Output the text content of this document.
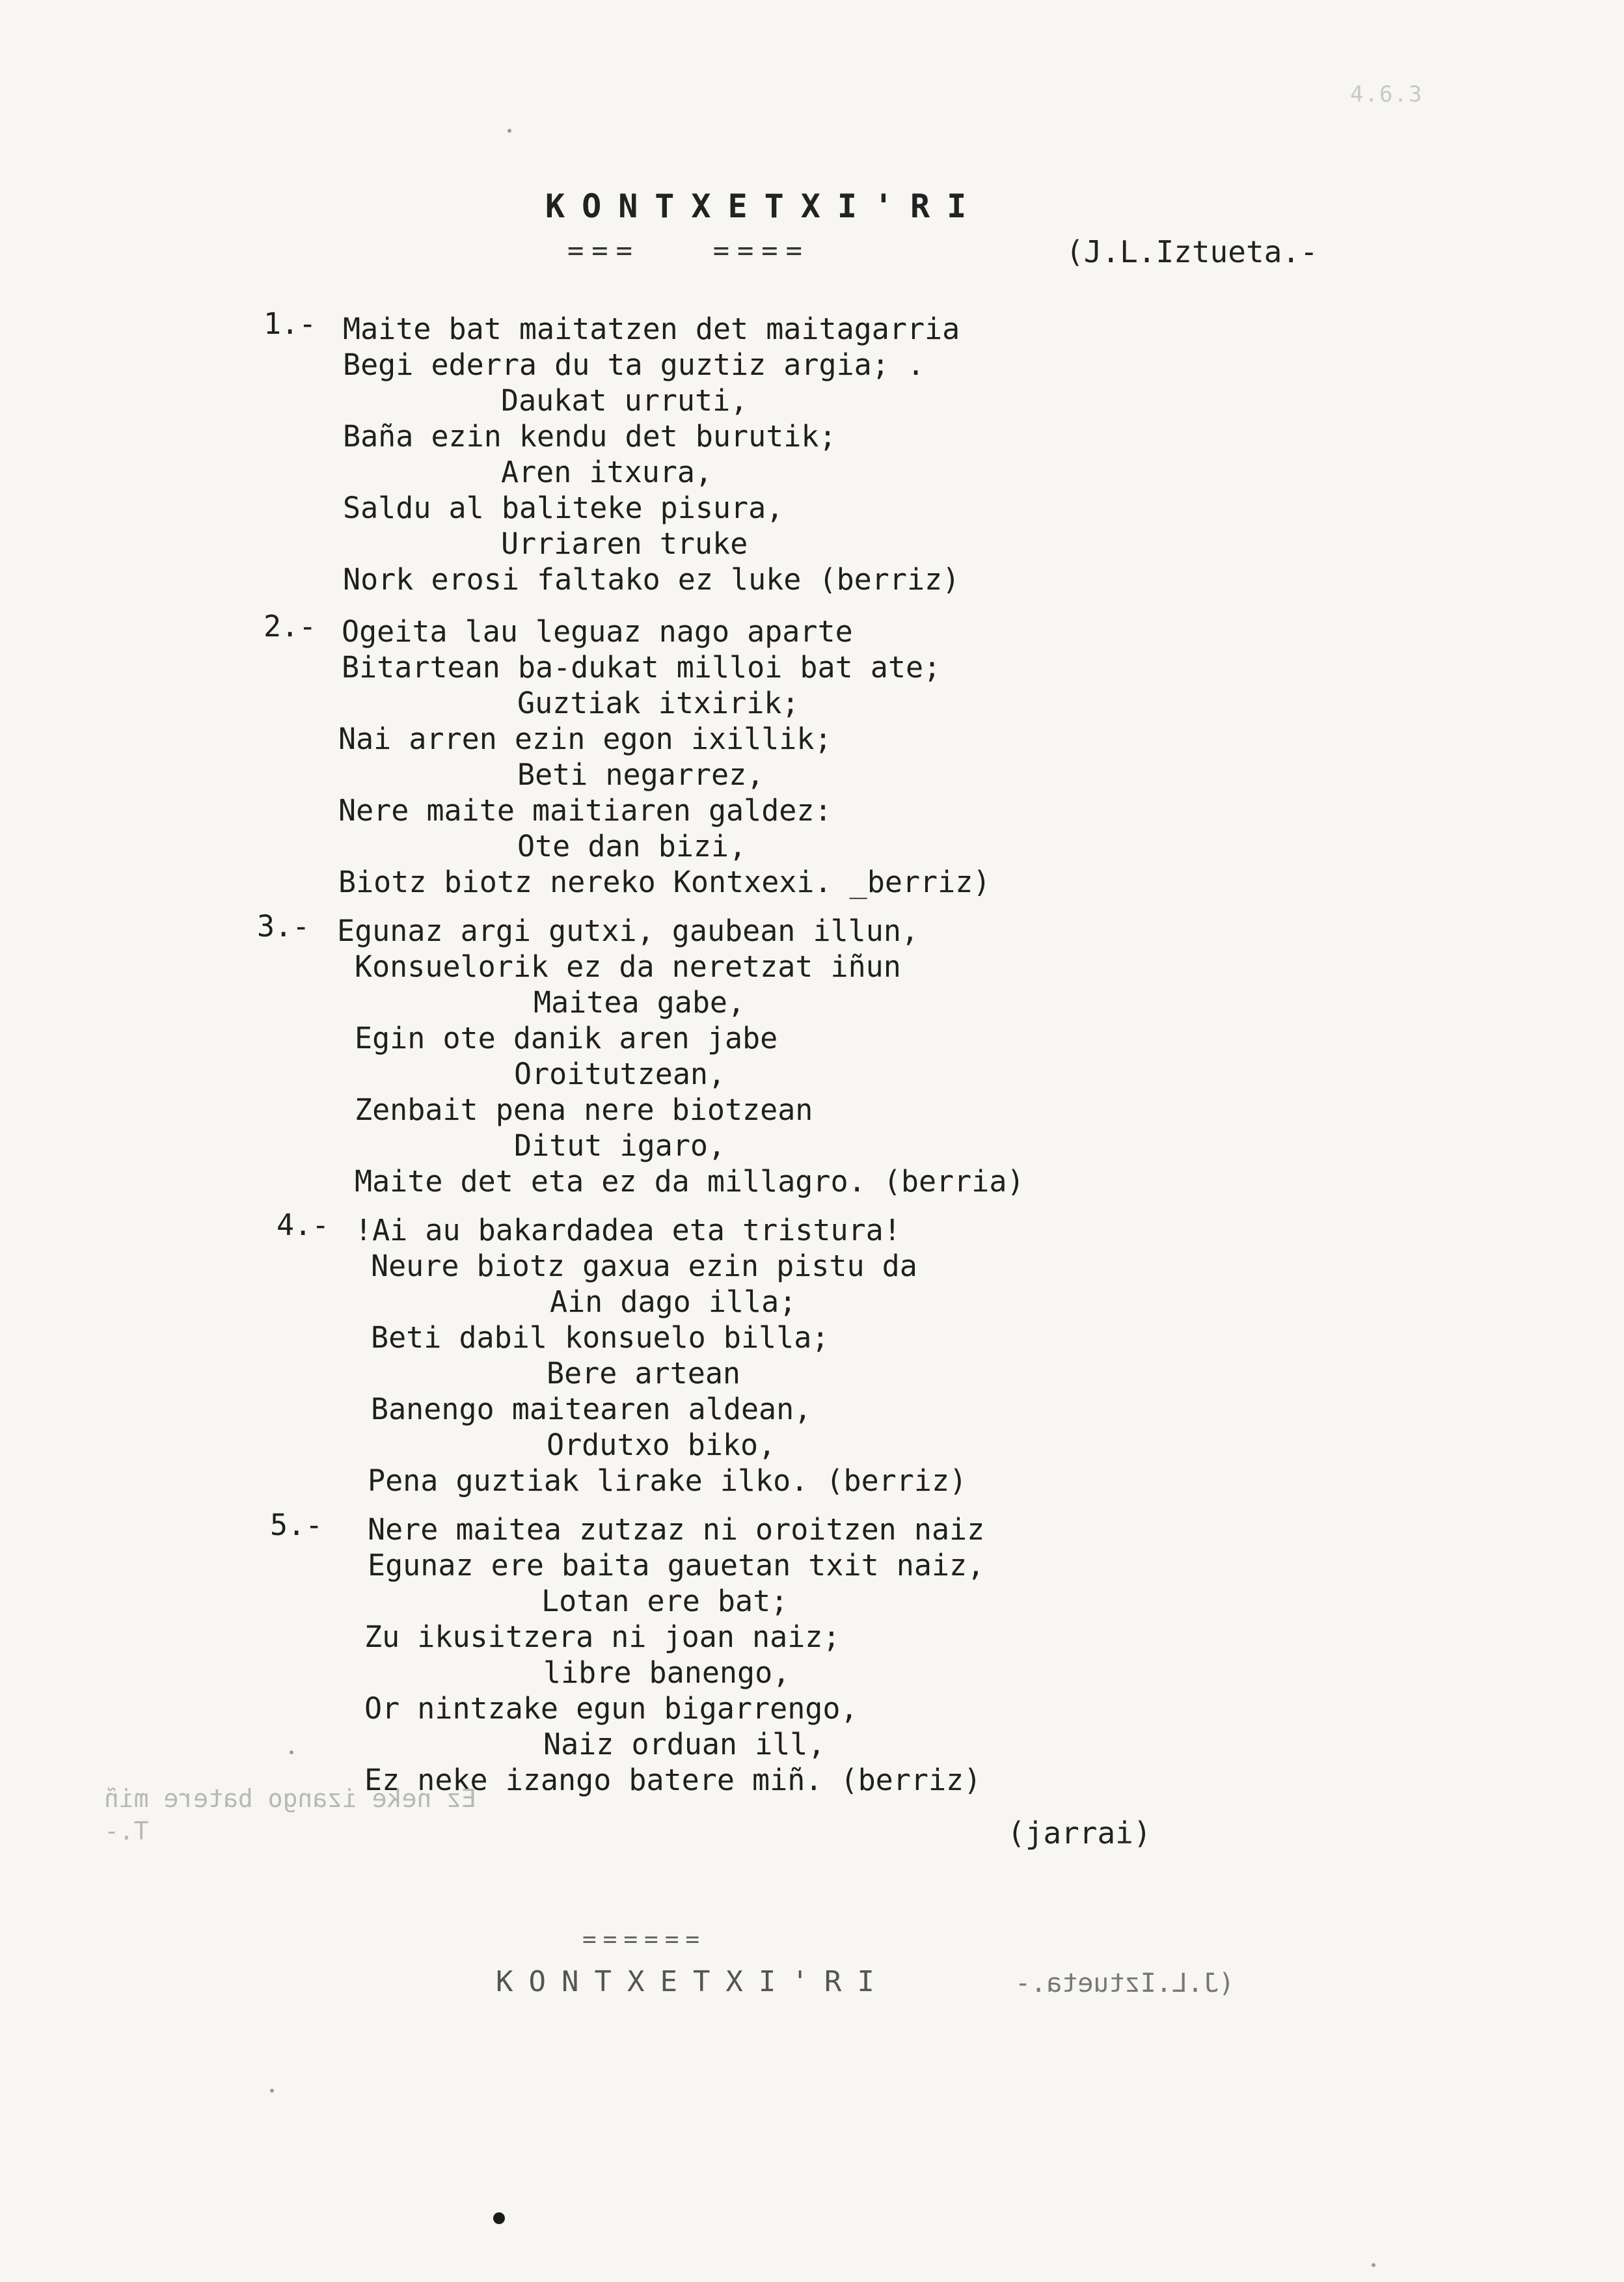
4.6.3
KONTXETXI'RI
===   ====	(J.L.Iztueta.-
1.- Maite bat maitatzen det maitagarria
Begi ederra du ta guztiz argia; .
Daukat urruti,
Baña ezin kendu det burutik;
Aren itxura,
Saldu al baliteke pisura,
Urriaren truke
Nork erosi faltako ez luke (berriz)
2.- Ogeita lau leguaz nago aparte
Bitartean ba-dukat milloi bat ate;
Guztiak itxirik;
Nai arren ezin egon ixillik;
Beti negarrez,
Nere maite maitiaren galdez:
Ote dan bizi,
Biotz biotz nereko Kontxexi. _berriz)
3.- Egunaz argi gutxi, gaubean illun,
Konsuelorik ez da neretzat iñun
Maitea gabe,
Egin ote danik aren jabe
Oroitutzean,
Zenbait pena nere biotzean
Ditut igaro,
Maite det eta ez da millagro. (berria)
4.- !Ai au bakardadea eta tristura!
Neure biotz gaxua ezin pistu da
Ain dago illa;
Beti dabil konsuelo billa;
Bere artean
Banengo maitearen aldean,
Ordutxo biko,
Pena guztiak lirake ilko. (berriz)
5.- Nere maitea zutzaz ni oroitzen naiz
Egunaz ere baita gauetan txit naiz,
Lotan ere bat;
Zu ikusitzera ni joan naiz;
libre banengo,
Or nintzake egun bigarrengo,
Naiz orduan ill,
Ez neke izango batere miñ. (berriz)
(jarrai)
Ez neke izango batere miñ
T.-
======
KONTXETXI'RI	(J.L.Iztueta.-
